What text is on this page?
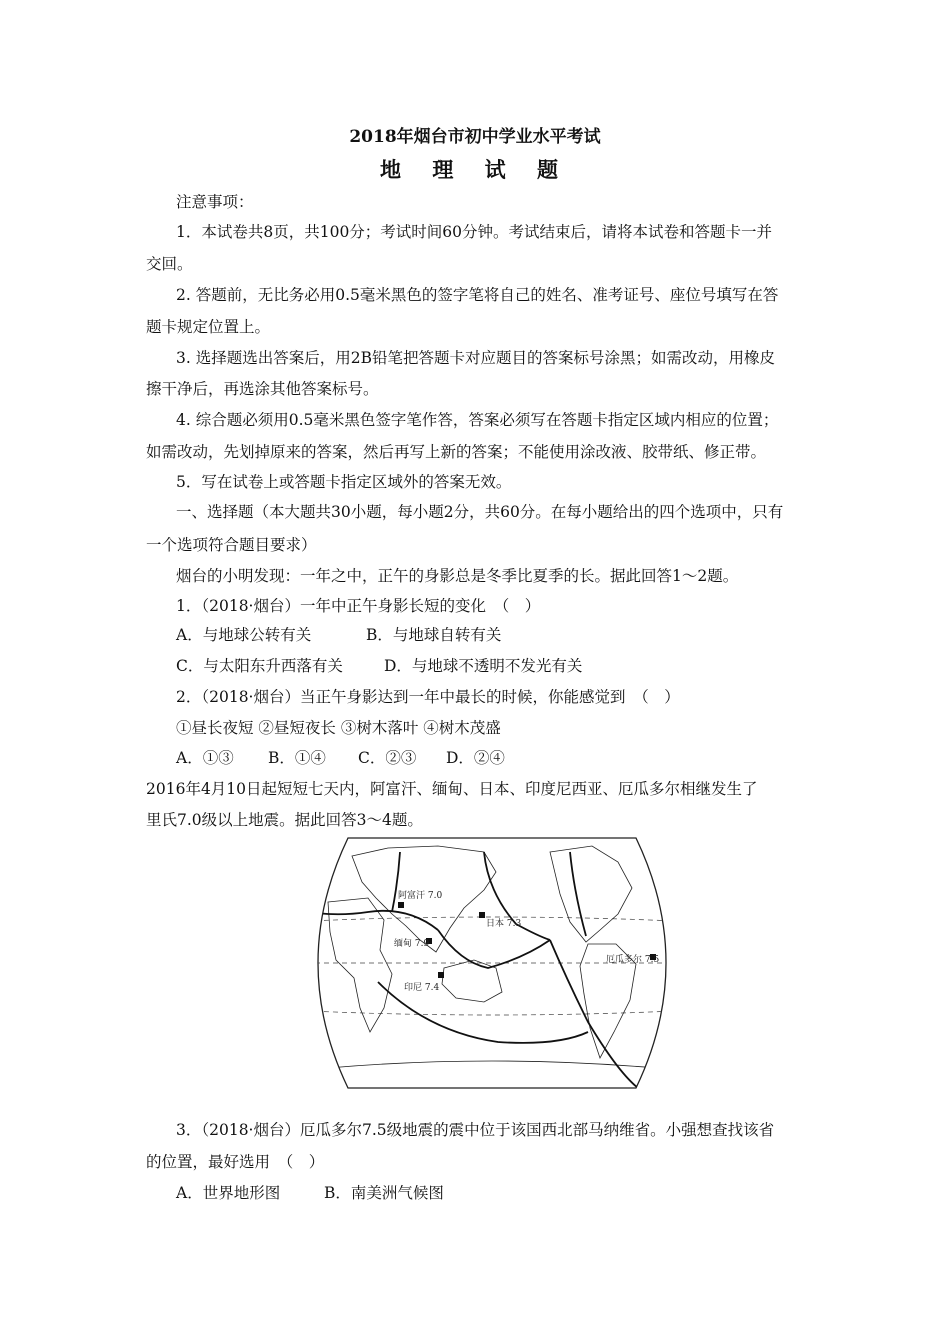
2018年烟台市初中学业水平考试
地 理 试 题
注意事项：
1．本试卷共8页，共100分；考试时间60分钟。考试结束后，请将本试卷和答题卡一并
交回。
2. 答题前，无比务必用0.5毫米黑色的签字笔将自己的姓名、准考证号、座位号填写在答
题卡规定位置上。
3. 选择题选出答案后，用2B铅笔把答题卡对应题目的答案标号涂黑；如需改动，用橡皮
擦干净后，再选涂其他答案标号。
4. 综合题必须用0.5毫米黑色签字笔作答，答案必须写在答题卡指定区域内相应的位置；
如需改动，先划掉原来的答案，然后再写上新的答案；不能使用涂改液、胶带纸、修正带。
5．写在试卷上或答题卡指定区域外的答案无效。
一、选择题（本大题共30小题，每小题2分，共60分。在每小题给出的四个选项中，只有
一个选项符合题目要求）
烟台的小明发现：一年之中，正午的身影总是冬季比夏季的长。据此回答1～2题。
1．（2018·烟台）一年中正午身影长短的变化　（　）
A．与地球公转有关	B．与地球自转有关
C．与太阳东升西落有关	D．与地球不透明不发光有关
2．（2018·烟台）当正午身影达到一年中最长的时候，你能感觉到　（　）
①昼长夜短 ②昼短夜长 ③树木落叶 ④树木茂盛
A．①③ B．①④ C．②③ D．②④
2016年4月10日起短短七天内，阿富汗、缅甸、日本、印度尼西亚、厄瓜多尔相继发生了
里氏7.0级以上地震。据此回答3～4题。
阿富汗 7.0
日本 7.3
缅甸 7.9
印尼 7.4
厄瓜多尔 7.5
3．（2018·烟台）厄瓜多尔7.5级地震的震中位于该国西北部马纳维省。小强想查找该省
的位置，最好选用　（　）
A．世界地形图	B．南美洲气候图
